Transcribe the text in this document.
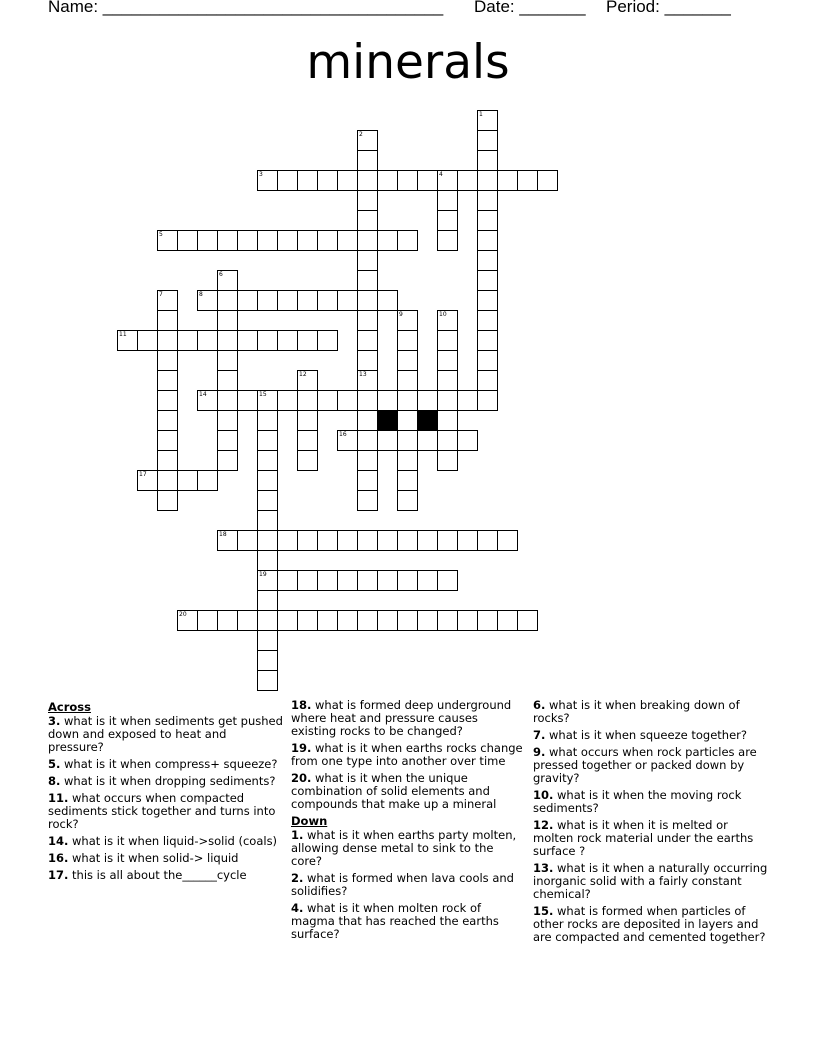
Name: ____________________________________ Date: _______ Period: _______
minerals
3	4
5
8
11
14	15
16
17
18
19
20
1
2
6
7
9	10
12	13
Across
3. what is it when sediments get pushed down and exposed to heat and pressure?
5. what is it when compress+ squeeze?
8. what is it when dropping sediments?
11. what occurs when compacted sediments stick together and turns into rock?
14. what is it when liquid->solid (coals)
16. what is it when solid-> liquid
17. this is all about the______cycle
18. what is formed deep underground where heat and pressure causes existing rocks to be changed?
19. what is it when earths rocks change from one type into another over time
20. what is it when the unique combination of solid elements and compounds that make up a mineral
Down
1. what is it when earths party molten, allowing dense metal to sink to the core?
2. what is formed when lava cools and solidifies?
4. what is it when molten rock of magma that has reached the earths surface?
6. what is it when breaking down of rocks?
7. what is it when squeeze together?
9. what occurs when rock particles are pressed together or packed down by gravity?
10. what is it when the moving rock sediments?
12. what is it when it is melted or molten rock material under the earths surface ?
13. what is it when a naturally occurring inorganic solid with a fairly constant chemical?
15. what is formed when particles of other rocks are deposited in layers and are compacted and cemented together?
